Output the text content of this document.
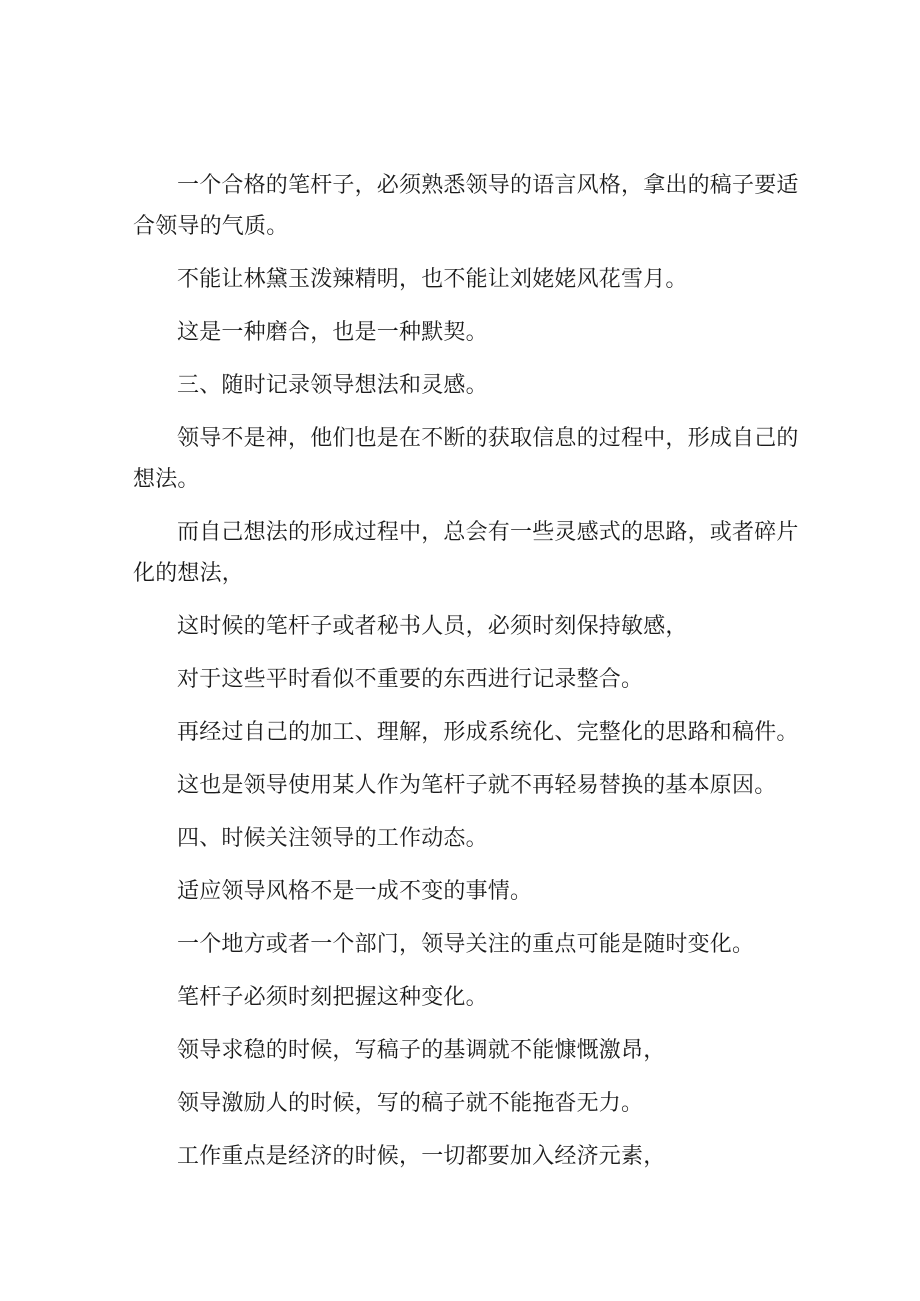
一个合格的笔杆子，必须熟悉领导的语言风格，拿出的稿子要适合领导的气质。

不能让林黛玉泼辣精明，也不能让刘姥姥风花雪月。

这是一种磨合，也是一种默契。

三、随时记录领导想法和灵感。

领导不是神，他们也是在不断的获取信息的过程中，形成自己的想法。

而自己想法的形成过程中，总会有一些灵感式的思路，或者碎片化的想法，

这时候的笔杆子或者秘书人员，必须时刻保持敏感，

对于这些平时看似不重要的东西进行记录整合。

再经过自己的加工、理解，形成系统化、完整化的思路和稿件。

这也是领导使用某人作为笔杆子就不再轻易替换的基本原因。

四、时候关注领导的工作动态。

适应领导风格不是一成不变的事情。

一个地方或者一个部门，领导关注的重点可能是随时变化。

笔杆子必须时刻把握这种变化。

领导求稳的时候，写稿子的基调就不能慷慨激昂，

领导激励人的时候，写的稿子就不能拖沓无力。

工作重点是经济的时候，一切都要加入经济元素，
